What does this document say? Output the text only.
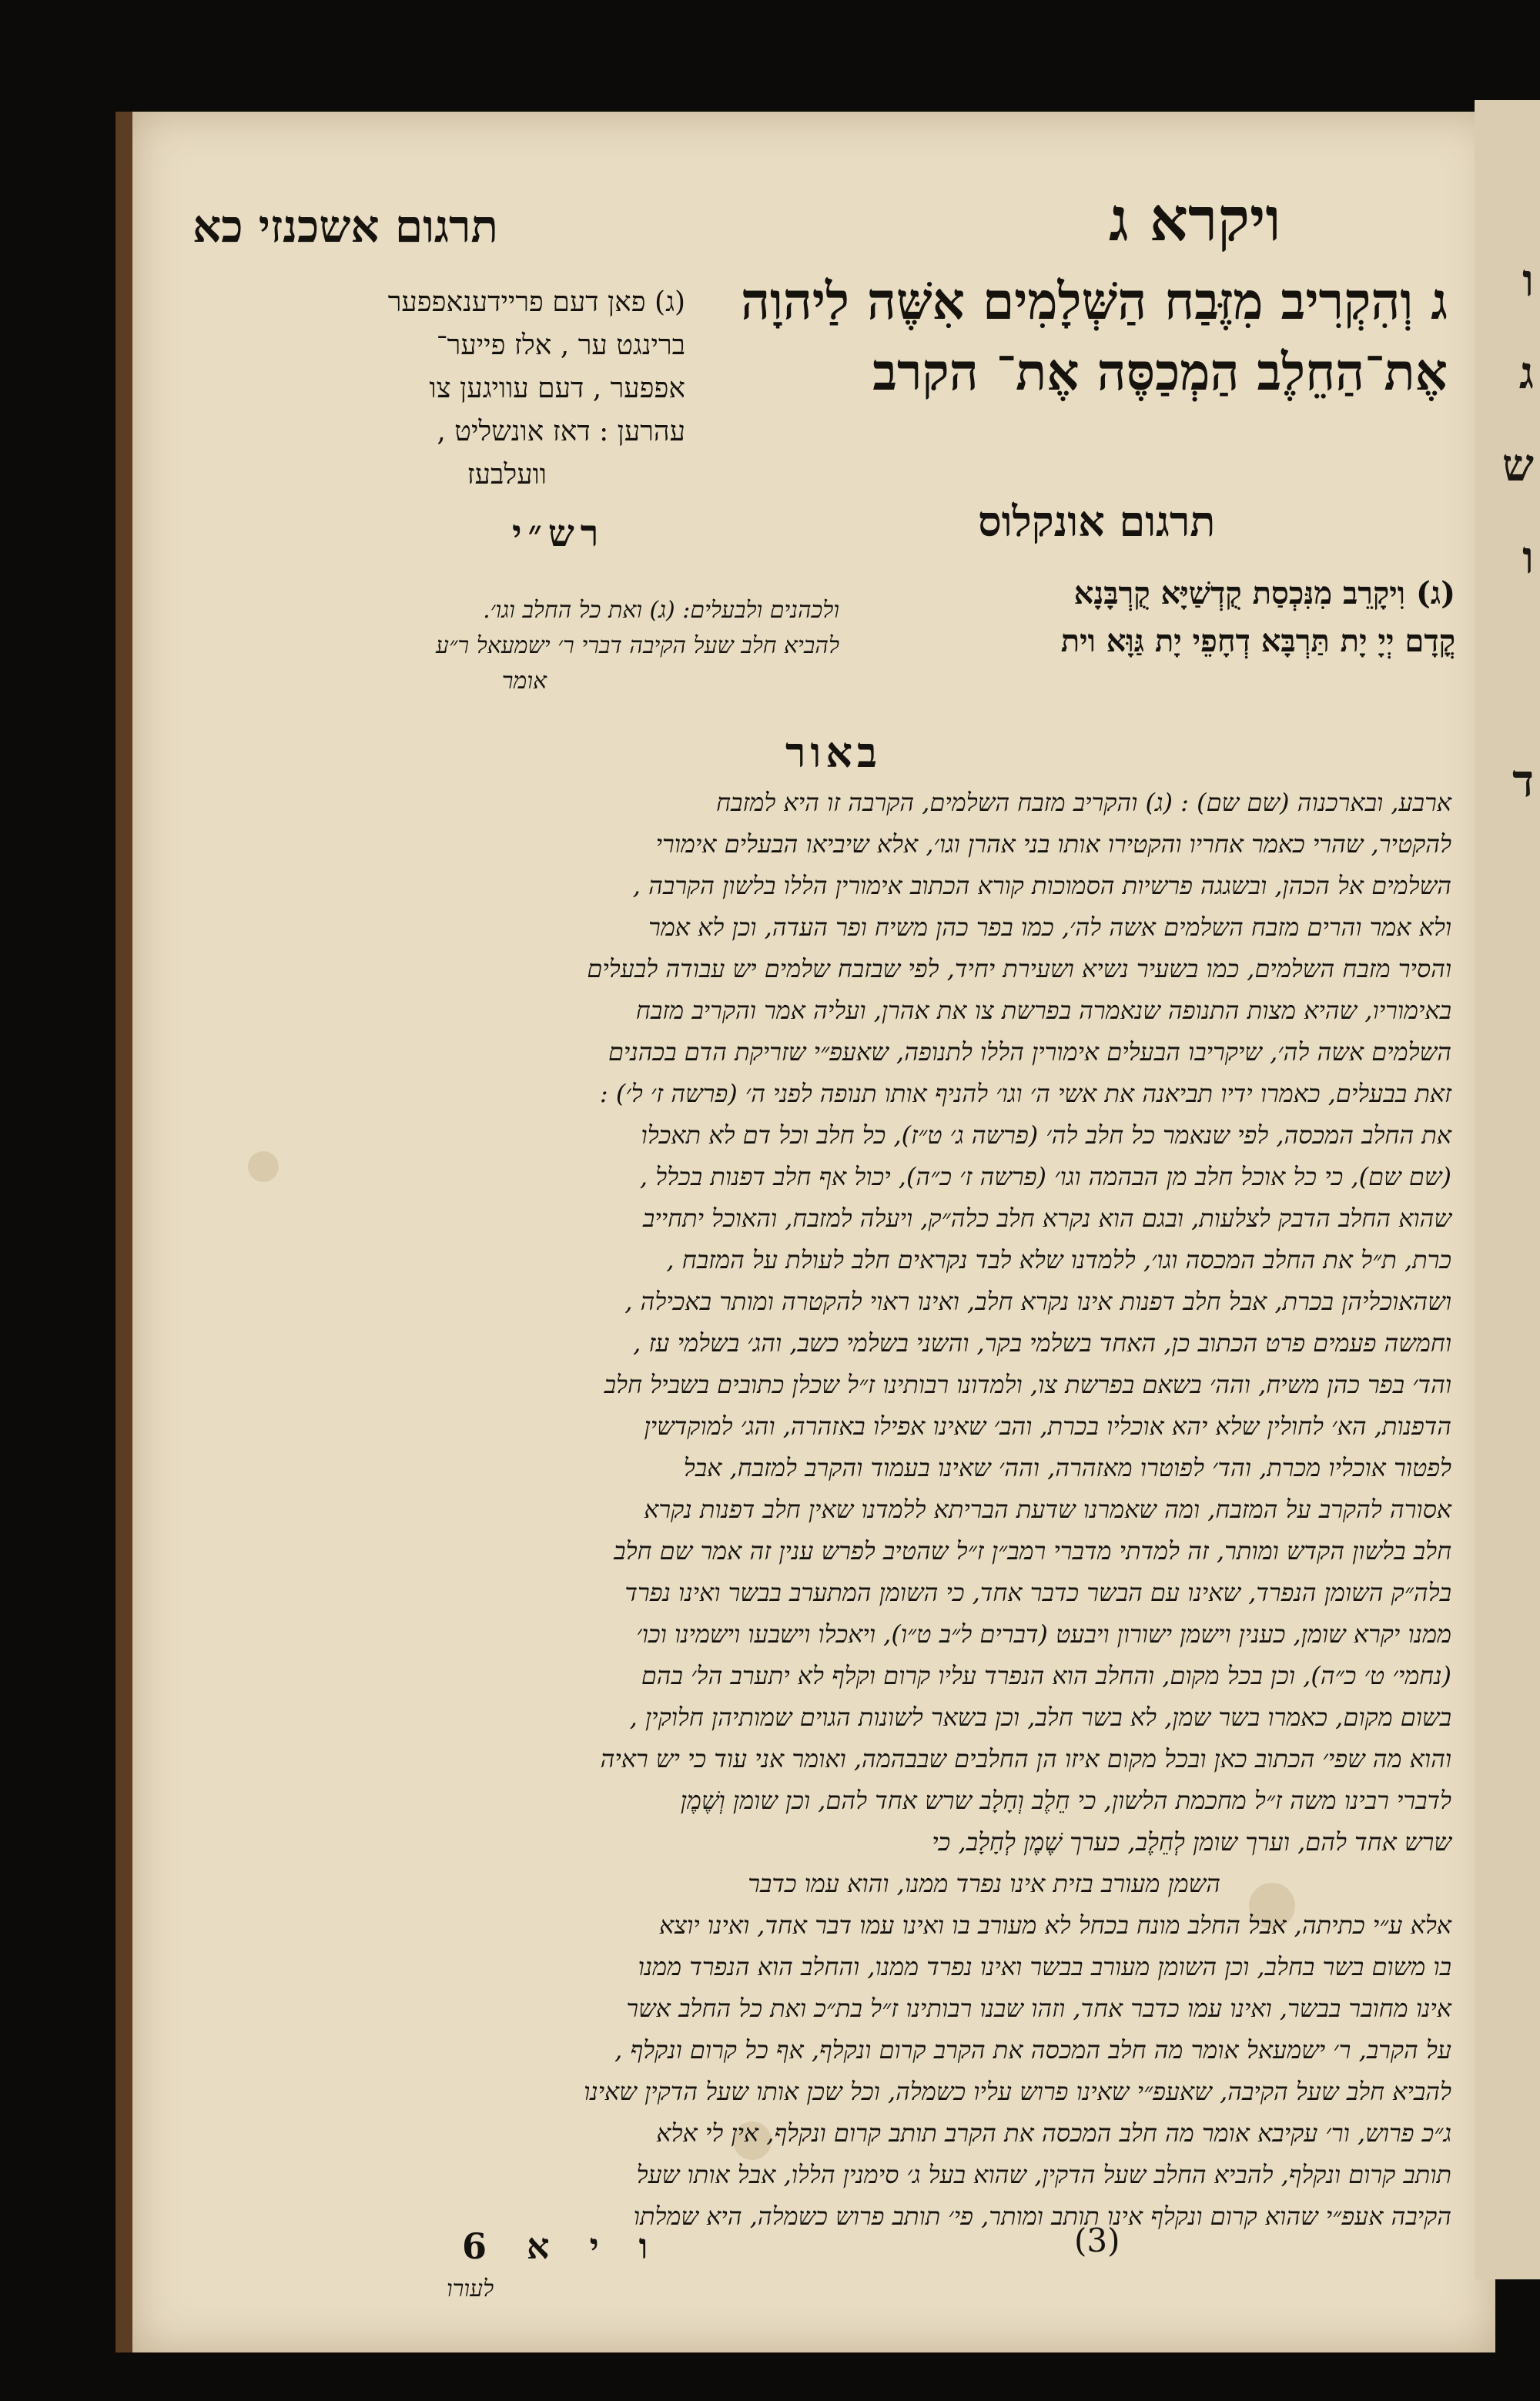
ו
ג
ש
ו
ד
תרגום אשכנזי כא	ויקרא ג
ג וְהִקְרִיב מִזֶּבַח הַשְּׁלָמִים אִשֶּׁה לַיהוָה אֶת־הַחֵלֶב הַמְכַסֶּה אֶת־ הקרב
(ג) פאן דעם פריידענאפפער
ברינגט ער , אלז פייער־
אפפער , דעם עוויגען צו
עהרען : דאז אונשליט ,
וועלבעז
תרגום אונקלוס
רש״י
(ג) וִיקָרֵב מִנִּכְסַת קֻדְשַׁיָּא קֻרְבָּנָא
קֳדָם יְיָ יָת תַּרְבָּא דְחָפֵי יָת גַּוָּא וית
ולכהנים ולבעלים: (ג) ואת כל החלב וגו׳.
להביא חלב שעל הקיבה דברי ר׳ ישמעאל ר״ע
אומר
באור

ארבע, ובארכנוה (שם שם) : (ג) והקריב מזבח השלמים, הקרבה זו היא למזבח

להקטיר, שהרי כאמר אחריו והקטירו אותו בני אהרן וגו׳, אלא שיביאו הבעלים אימורי

השלמים אל הכהן, ובשגגה פרשיות הסמוכות קורא הכתוב אימורין הללו בלשון הקרבה ,

ולא אמר והרים מזבח השלמים אשה לה׳, כמו בפר כהן משיח ופר העדה, וכן לא אמר

והסיר מזבח השלמים, כמו בשעיר נשיא ושעירת יחיד, לפי שבזבח שלמים יש עבודה לבעלים

באימוריו, שהיא מצות התנופה שנאמרה בפרשת צו את אהרן, ועליה אמר והקריב מזבח

השלמים אשה לה׳, שיקריבו הבעלים אימורין הללו לתנופה, שאעפ״י שזריקת הדם בכהנים

זאת בבעלים, כאמרו ידיו תביאנה את אשי ה׳ וגו׳ להניף אותו תנופה לפני ה׳ (פרשה ז׳ ל׳) :

את החלב המכסה, לפי שנאמר כל חלב לה׳ (פרשה ג׳ ט״ז), כל חלב וכל דם לא תאכלו

(שם שם), כי כל אוכל חלב מן הבהמה וגו׳ (פרשה ז׳ כ״ה), יכול אף חלב דפנות בכלל ,

שהוא החלב הדבק לצלעות, ובגם הוא נקרא חלב כלה״ק, ויעלה למזבח, והאוכל יתחייב

כרת, ת״ל את החלב המכסה וגו׳, ללמדנו שלא לבד נקראים חלב לעולת על המזבח ,

ושהאוכליהן בכרת, אבל חלב דפנות אינו נקרא חלב, ואינו ראוי להקטרה ומותר באכילה ,

וחמשה פעמים פרט הכתוב כן, האחד בשלמי בקר, והשני בשלמי כשב, והג׳ בשלמי עז ,

והד׳ בפר כהן משיח, והה׳ בשאם בפרשת צו, ולמדונו רבותינו ז״ל שכלן כתובים בשביל חלב

הדפנות, הא׳ לחולין שלא יהא אוכליו בכרת, והב׳ שאינו אפילו באזהרה, והג׳ למוקדשין

לפטור אוכליו מכרת, והד׳ לפוטרו מאזהרה, והה׳ שאינו בעמוד והקרב למזבח, אבל

אסורה להקרב על המזבח, ומה שאמרנו שדעת הבריתא ללמדנו שאין חלב דפנות נקרא

חלב בלשון הקדש ומותר, זה למדתי מדברי רמב״ן ז״ל שהטיב לפרש ענין זה אמר שם חלב

בלה״ק השומן הנפרד, שאינו עם הבשר כדבר אחד, כי השומן המתערב בבשר ואינו נפרד

ממנו יקרא שומן, כענין וישמן ישורון ויבעט (דברים ל״ב ט״ו), ויאכלו וישבעו וישמינו וכו׳

(נחמי׳ ט׳ כ״ה), וכן בכל מקום, והחלב הוא הנפרד עליו קרום וקלף לא יתערב הל׳ בהם

בשום מקום, כאמרו בשר שמן, לא בשר חלב, וכן בשאר לשונות הגוים שמותיהן חלוקין ,

והוא מה שפי׳ הכתוב כאן ובכל מקום איזו הן החלבים שבבהמה, ואומר אני עוד כי יש ראיה

לדברי רבינו משה ז״ל מחכמת הלשון, כי חֵלֶב וְחָלָב שרש אחד להם, וכן שומן וְשֶׁמֶן

שרש אחד להם, וערך שומן לְחֵלֶב, כערך שֶׁמֶן לְחָלָב, כי

השמן מעורב בזית אינו נפרד ממנו, והוא עמו כדבר

אלא ע״י כתיתה, אבל החלב מונח בכחל לא מעורב בו ואינו עמו דבר אחד, ואינו יוצא

בו משום בשר בחלב, וכן השומן מעורב בבשר ואינו נפרד ממנו, והחלב הוא הנפרד ממנו

אינו מחובר בבשר, ואינו עמו כדבר אחד, וזהו שבנו רבותינו ז״ל בת״כ ואת כל החלב אשר

על הקרב, ר׳ ישמעאל אומר מה חלב המכסה את הקרב קרום ונקלף, אף כל קרום ונקלף ,

להביא חלב שעל הקיבה, שאעפ״י שאינו פרוש עליו כשמלה, וכל שכן אותו שעל הדקין שאינו

ג״כ פרוש, ור׳ עקיבא אומר מה חלב המכסה את הקרב תותב קרום ונקלף, אין לי אלא

תותב קרום ונקלף, להביא החלב שעל הדקין, שהוא בעל ג׳ סימנין הללו, אבל אותו שעל

הקיבה אעפ״י שהוא קרום ונקלף אינו תותב ומותר, פי׳ תותב פרוש כשמלה, היא שמלתו

ו י א 6	(3)
לעורו
